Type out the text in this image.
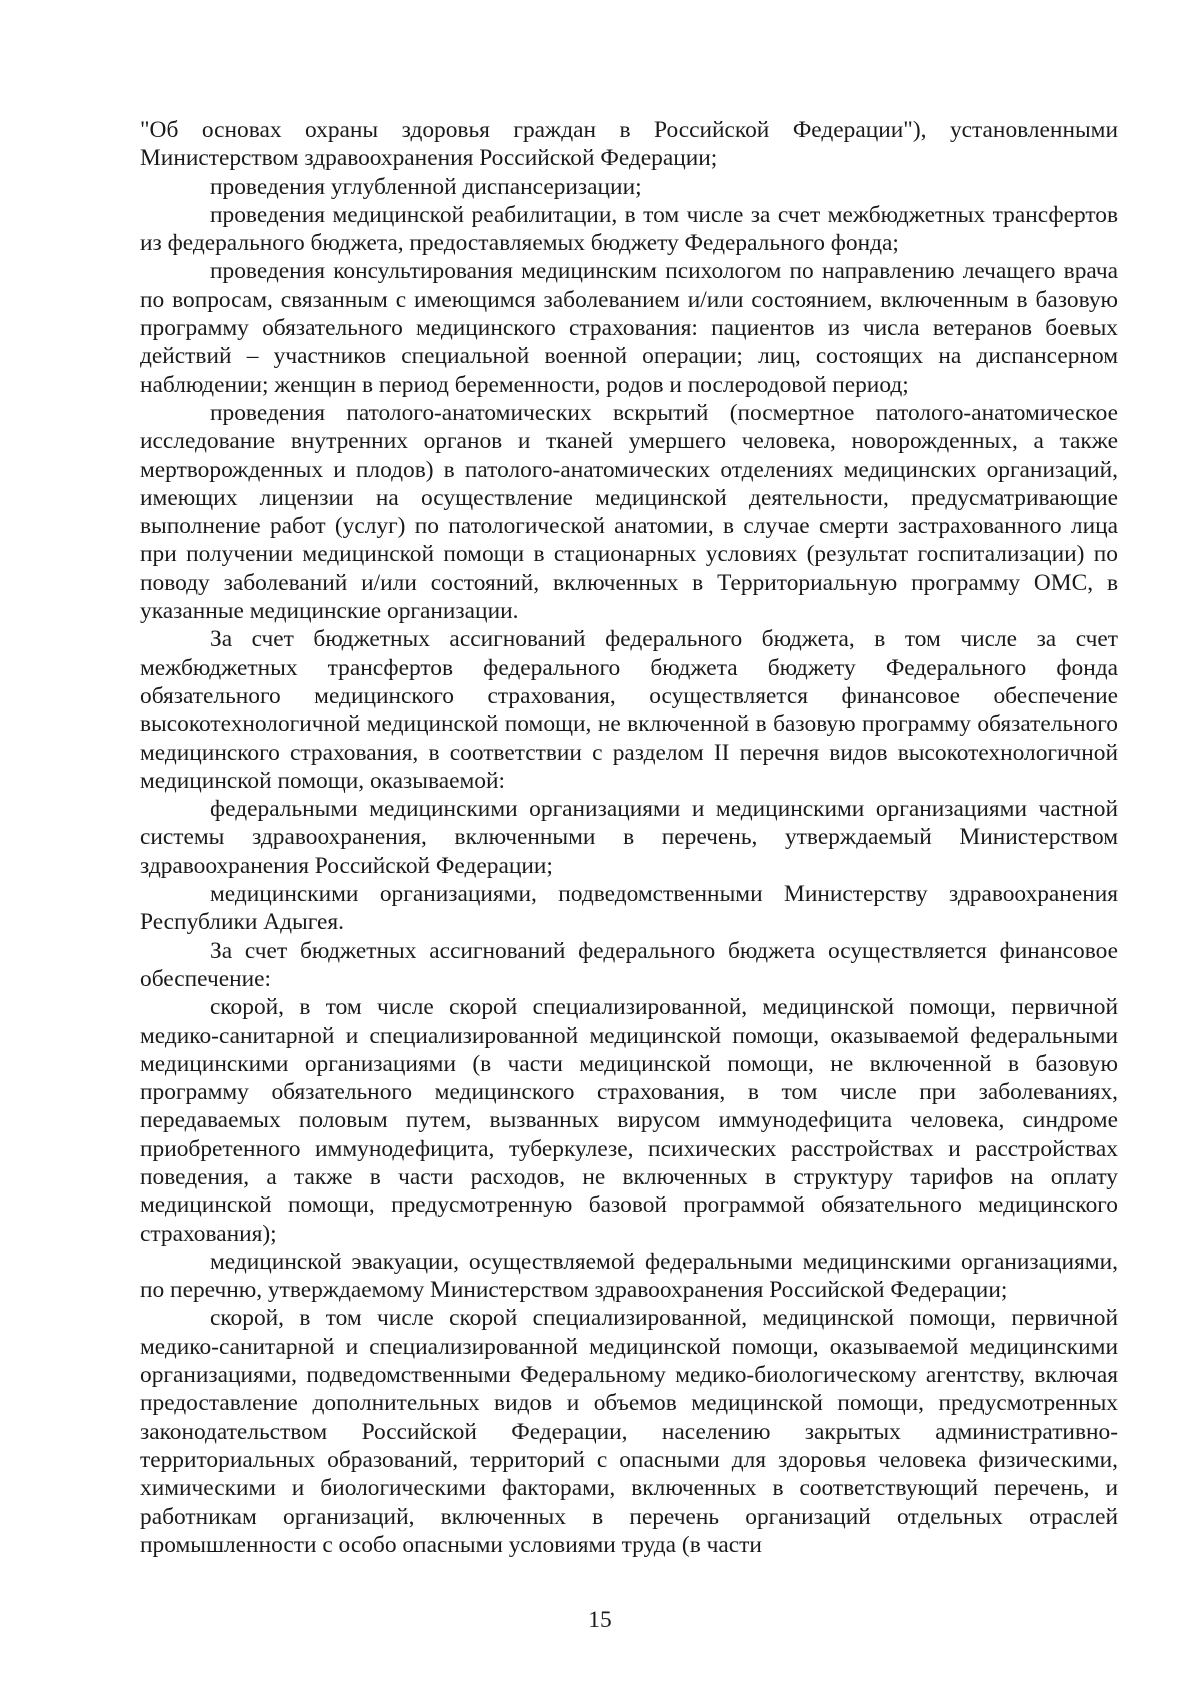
"Об основах охраны здоровья граждан в Российской Федерации"), установленными Министерством здравоохранения Российской Федерации;

проведения углубленной диспансеризации;

проведения медицинской реабилитации, в том числе за счет межбюджетных трансфертов из федерального бюджета, предоставляемых бюджету Федерального фонда;

проведения консультирования медицинским психологом по направлению лечащего врача по вопросам, связанным с имеющимся заболеванием и/или состоянием, включенным в базовую программу обязательного медицинского страхования: пациентов из числа ветеранов боевых действий – участников специальной военной операции; лиц, состоящих на диспансерном наблюдении; женщин в период беременности, родов и послеродовой период;

проведения патолого-анатомических вскрытий (посмертное патолого-анатомическое исследование внутренних органов и тканей умершего человека, новорожденных, а также мертворожденных и плодов) в патолого-анатомических отделениях медицинских организаций, имеющих лицензии на осуществление медицинской деятельности, предусматривающие выполнение работ (услуг) по патологической анатомии, в случае смерти застрахованного лица при получении медицинской помощи в стационарных условиях (результат госпитализации) по поводу заболеваний и/или состояний, включенных в Территориальную программу ОМС, в указанные медицинские организации.

За счет бюджетных ассигнований федерального бюджета, в том числе за счет межбюджетных трансфертов федерального бюджета бюджету Федерального фонда обязательного медицинского страхования, осуществляется финансовое обеспечение высокотехнологичной медицинской помощи, не включенной в базовую программу обязательного медицинского страхования, в соответствии с разделом II перечня видов высокотехнологичной медицинской помощи, оказываемой:

федеральными медицинскими организациями и медицинскими организациями частной системы здравоохранения, включенными в перечень, утверждаемый Министерством здравоохранения Российской Федерации;

медицинскими организациями, подведомственными Министерству здравоохранения Республики Адыгея.

За счет бюджетных ассигнований федерального бюджета осуществляется финансовое обеспечение:

скорой, в том числе скорой специализированной, медицинской помощи, первичной медико-санитарной и специализированной медицинской помощи, оказываемой федеральными медицинскими организациями (в части медицинской помощи, не включенной в базовую программу обязательного медицинского страхования, в том числе при заболеваниях, передаваемых половым путем, вызванных вирусом иммунодефицита человека, синдроме приобретенного иммунодефицита, туберкулезе, психических расстройствах и расстройствах поведения, а также в части расходов, не включенных в структуру тарифов на оплату медицинской помощи, предусмотренную базовой программой обязательного медицинского страхования);

медицинской эвакуации, осуществляемой федеральными медицинскими организациями, по перечню, утверждаемому Министерством здравоохранения Российской Федерации;

скорой, в том числе скорой специализированной, медицинской помощи, первичной медико-санитарной и специализированной медицинской помощи, оказываемой медицинскими организациями, подведомственными Федеральному медико-биологическому агентству, включая предоставление дополнительных видов и объемов медицинской помощи, предусмотренных законодательством Российской Федерации, населению закрытых административно-территориальных образований, территорий с опасными для здоровья человека физическими, химическими и биологическими факторами, включенных в соответствующий перечень, и работникам организаций, включенных в перечень организаций отдельных отраслей промышленности с особо опасными условиями труда (в части

15
